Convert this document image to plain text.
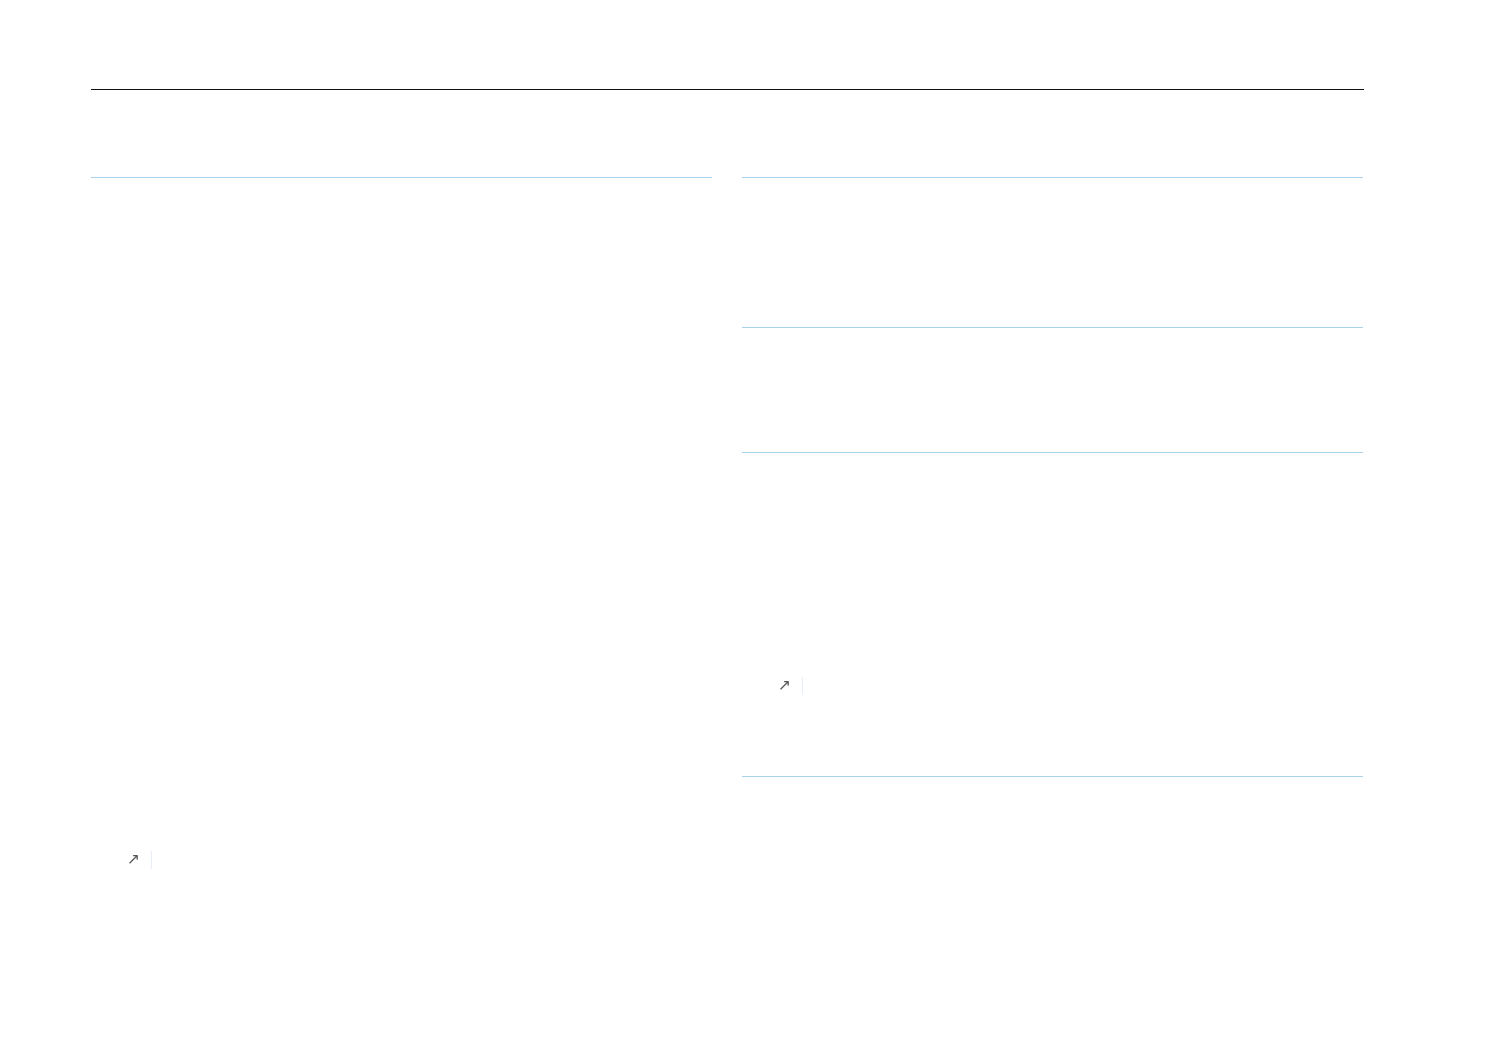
↗
↗
